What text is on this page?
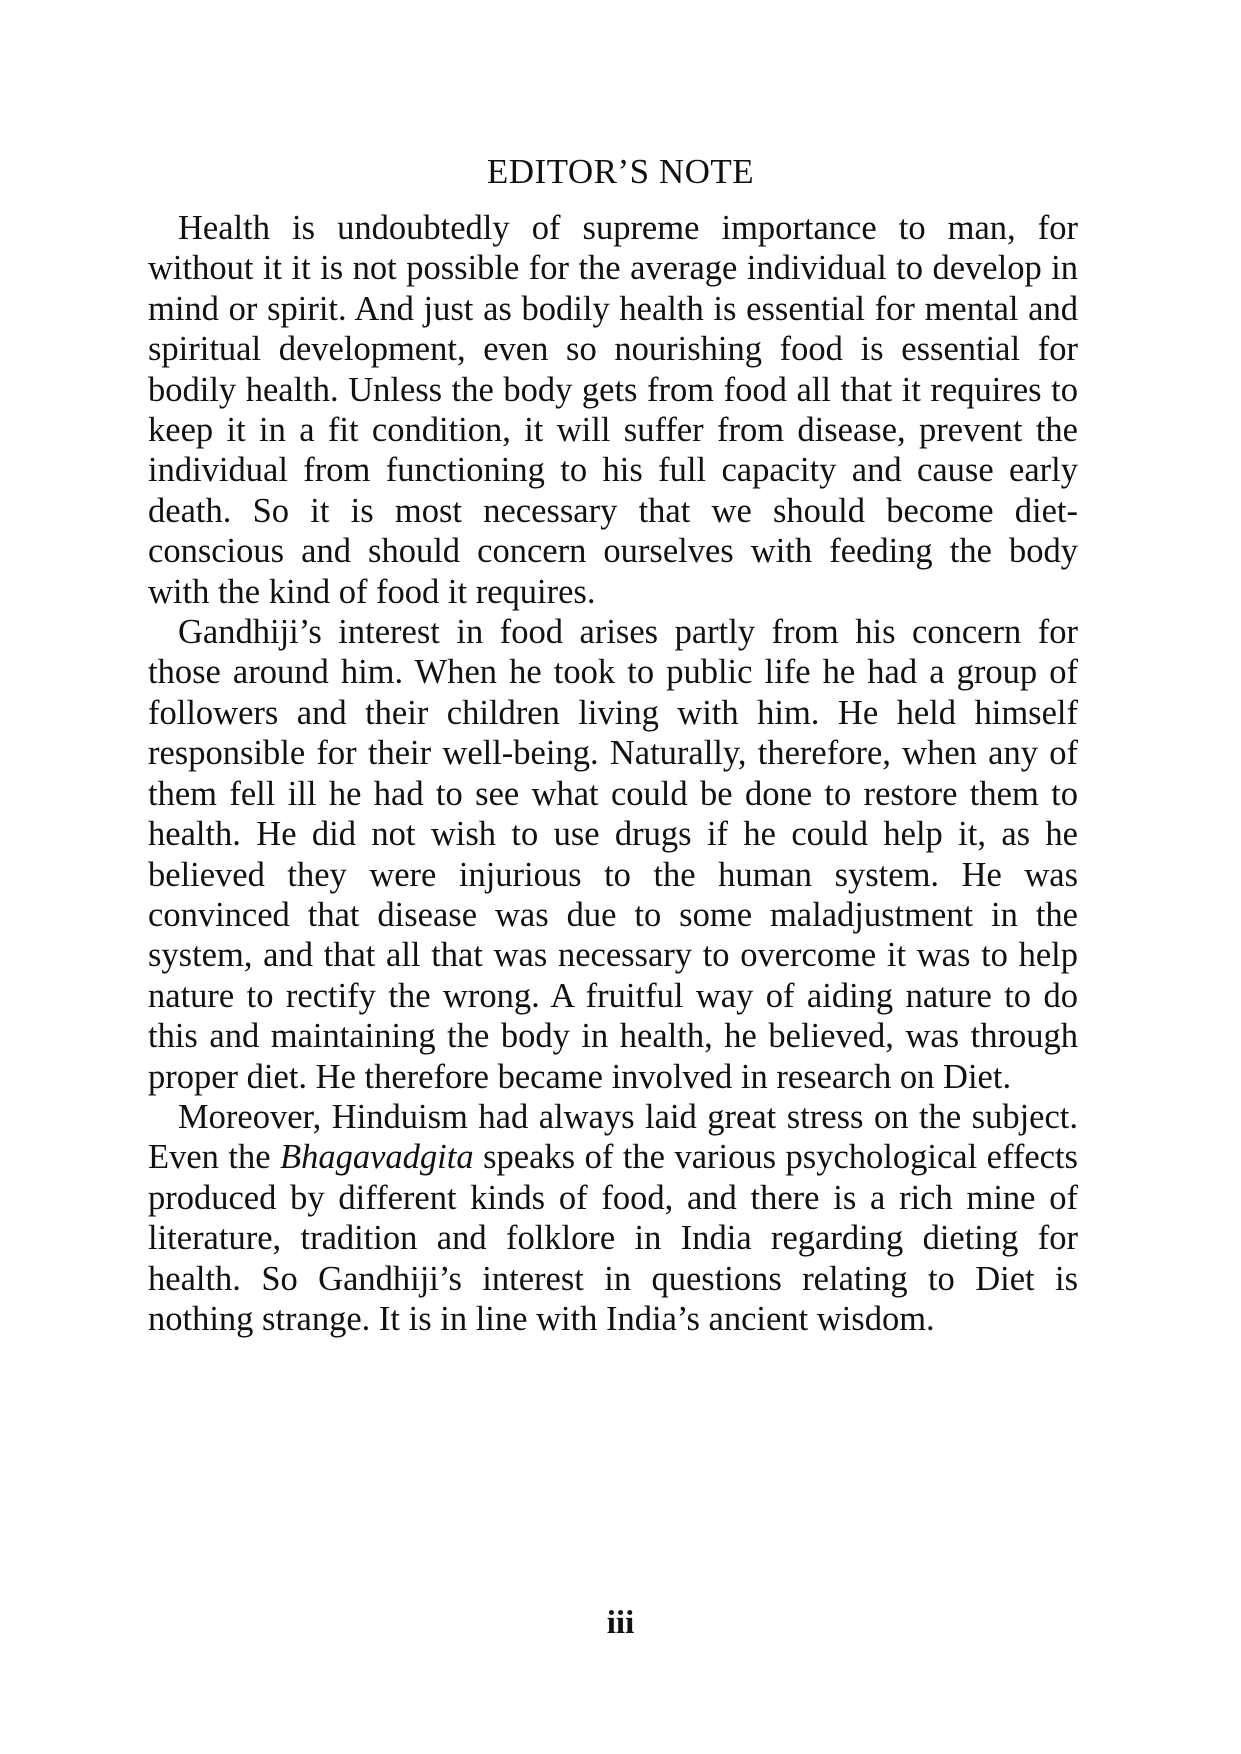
EDITOR’S NOTE

Health is undoubtedly of supreme importance to man, for without it it is not possible for the average individual to develop in mind or spirit. And just as bodily health is essential for mental and spiritual development, even so nourishing food is essential for bodily health. Unless the body gets from food all that it requires to keep it in a fit condition, it will suffer from disease, prevent the individual from functioning to his full capacity and cause early death. So it is most necessary that we should become diet-conscious and should concern ourselves with feeding the body with the kind of food it requires.

Gandhiji’s interest in food arises partly from his concern for those around him. When he took to public life he had a group of followers and their children living with him. He held himself responsible for their well-being. Naturally, therefore, when any of them fell ill he had to see what could be done to restore them to health. He did not wish to use drugs if he could help it, as he believed they were injurious to the human system. He was convinced that disease was due to some maladjustment in the system, and that all that was necessary to overcome it was to help nature to rectify the wrong. A fruitful way of aiding nature to do this and maintaining the body in health, he believed, was through proper diet. He therefore became involved in research on Diet.

Moreover, Hinduism had always laid great stress on the subject. Even the Bhagavadgita speaks of the various psychological effects produced by different kinds of food, and there is a rich mine of literature, tradition and folklore in India regarding dieting for health. So Gandhiji’s interest in questions relating to Diet is nothing strange. It is in line with India’s ancient wisdom.

iii
